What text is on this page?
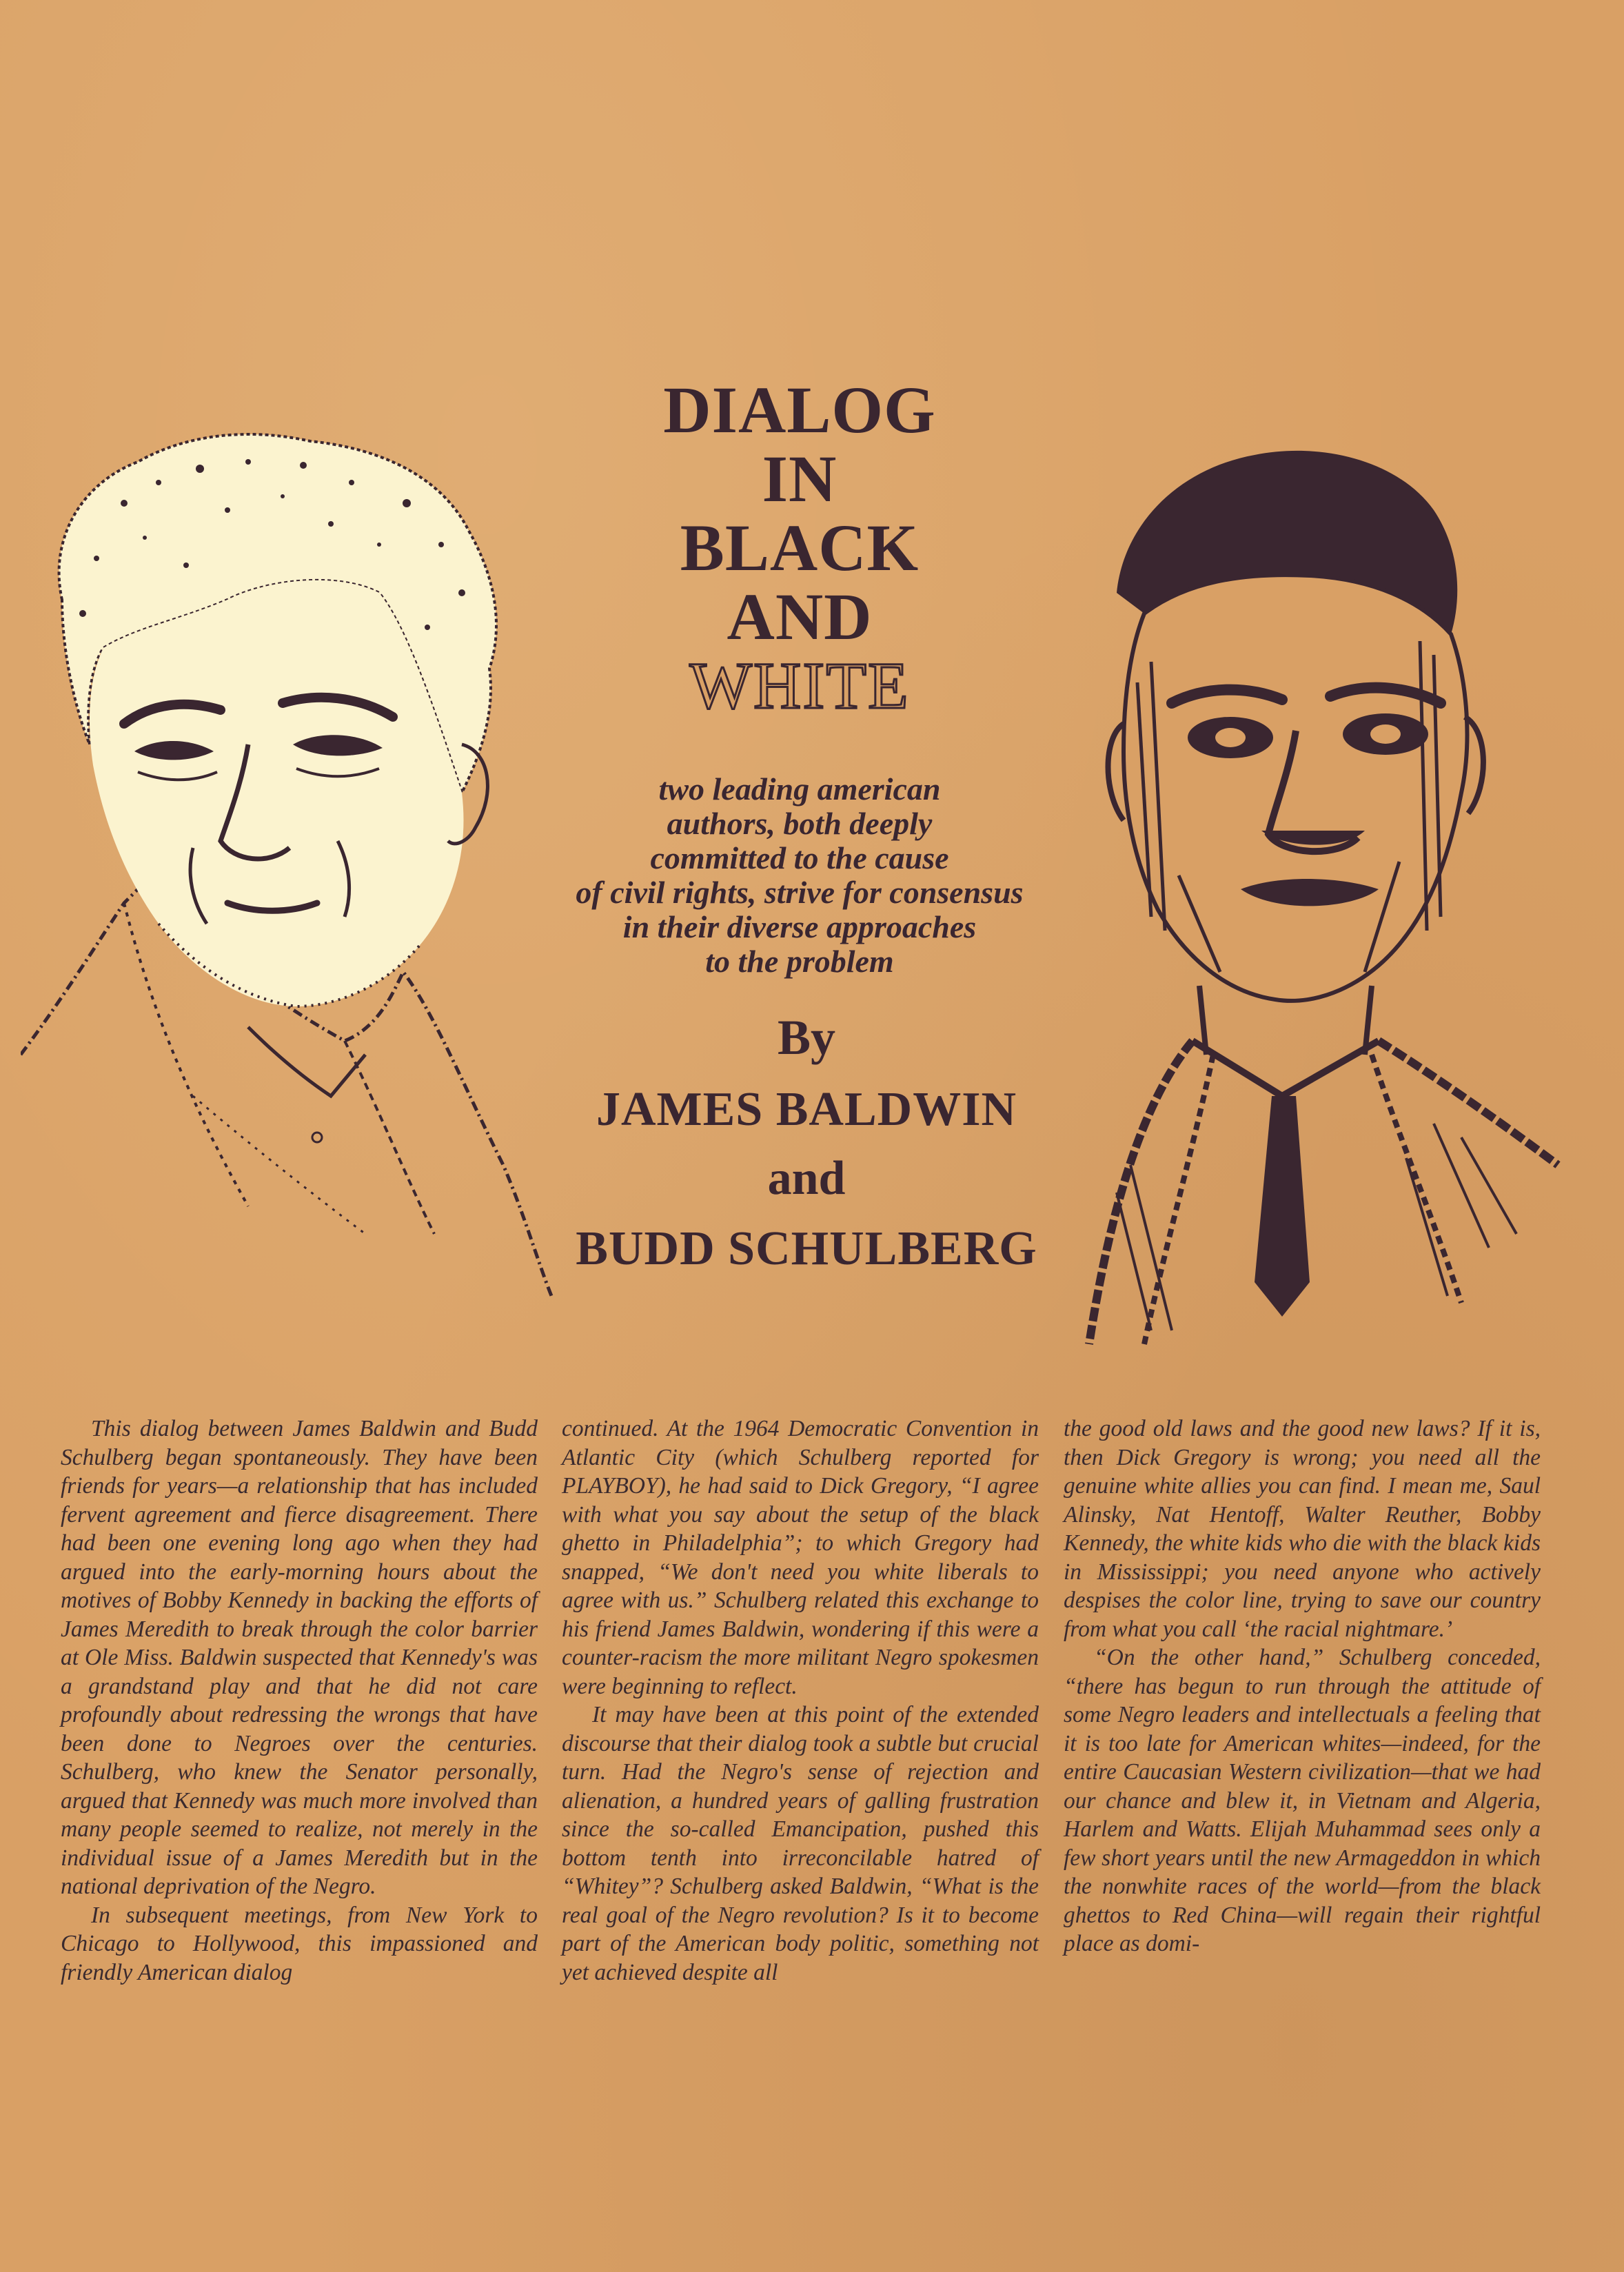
DIALOG
IN
BLACK
AND
WHITE
two leading american
authors, both deeply
committed to the cause
of civil rights, strive for consensus
in their diverse approaches
to the problem
By
JAMES BALDWIN
and
BUDD SCHULBERG

This dialog between James Baldwin and Budd Schulberg began spontaneously. They have been friends for years—a relationship that has included fervent agreement and fierce disagreement. There had been one evening long ago when they had argued into the early-morning hours about the motives of Bobby Kennedy in backing the efforts of James Meredith to break through the color barrier at Ole Miss. Baldwin suspected that Kennedy's was a grandstand play and that he did not care profoundly about redressing the wrongs that have been done to Negroes over the centuries. Schulberg, who knew the Senator personally, argued that Kennedy was much more involved than many people seemed to realize, not merely in the individual issue of a James Meredith but in the national deprivation of the Negro.

In subsequent meetings, from New York to Chicago to Hollywood, this impassioned and friendly American dialog

continued. At the 1964 Democratic Convention in Atlantic City (which Schulberg reported for PLAYBOY), he had said to Dick Gregory, “I agree with what you say about the setup of the black ghetto in Philadelphia”; to which Gregory had snapped, “We don't need you white liberals to agree with us.” Schulberg related this exchange to his friend James Baldwin, wondering if this were a counter-racism the more militant Negro spokesmen were beginning to reflect.

It may have been at this point of the extended discourse that their dialog took a subtle but crucial turn. Had the Negro's sense of rejection and alienation, a hundred years of galling frustration since the so-called Emancipation, pushed this bottom tenth into irreconcilable hatred of “Whitey”? Schulberg asked Baldwin, “What is the real goal of the Negro revolution? Is it to become part of the American body politic, something not yet achieved despite all

the good old laws and the good new laws? If it is, then Dick Gregory is wrong; you need all the genuine white allies you can find. I mean me, Saul Alinsky, Nat Hentoff, Walter Reuther, Bobby Kennedy, the white kids who die with the black kids in Mississippi; you need anyone who actively despises the color line, trying to save our country from what you call ‘the racial nightmare.’

“On the other hand,” Schulberg conceded, “there has begun to run through the attitude of some Negro leaders and intellectuals a feeling that it is too late for American whites—indeed, for the entire Caucasian Western civilization—that we had our chance and blew it, in Vietnam and Algeria, Harlem and Watts. Elijah Muhammad sees only a few short years until the new Armageddon in which the nonwhite races of the world—from the black ghettos to Red China—will regain their rightful place as domi-
